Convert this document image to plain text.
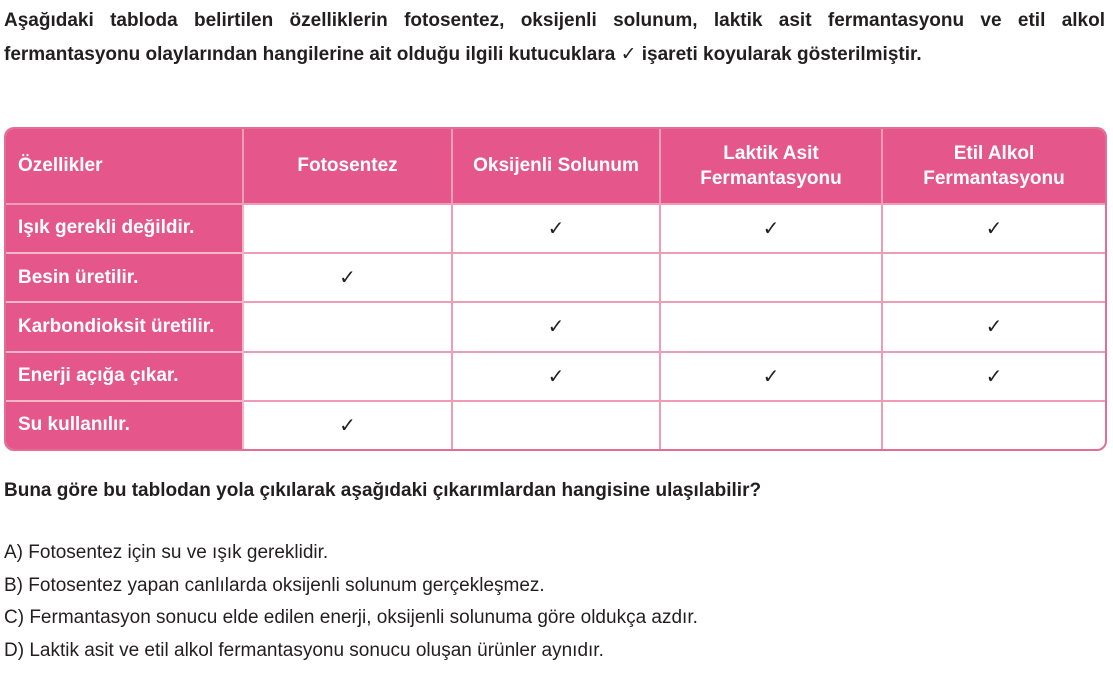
Aşağıdaki tabloda belirtilen özelliklerin fotosentez, oksijenli solunum, laktik asit fermantasyonu ve etil alkol fermantasyonu olaylarından hangilerine ait olduğu ilgili kutucuklara ✓ işareti koyularak gösterilmiştir.
Özellikler	Fotosentez	Oksijenli Solunum	Laktik Asit Fermantasyonu	Etil Alkol Fermantasyonu

Işık gerekli değildir.		✓	✓	✓
Besin üretilir.	✓			
Karbondioksit üretilir.		✓		✓
Enerji açığa çıkar.		✓	✓	✓
Su kullanılır.	✓			
Buna göre bu tablodan yola çıkılarak aşağıdaki çıkarımlardan hangisine ulaşılabilir?
A) Fotosentez için su ve ışık gereklidir.
B) Fotosentez yapan canlılarda oksijenli solunum gerçekleşmez.
C) Fermantasyon sonucu elde edilen enerji, oksijenli solunuma göre oldukça azdır.
D) Laktik asit ve etil alkol fermantasyonu sonucu oluşan ürünler aynıdır.
